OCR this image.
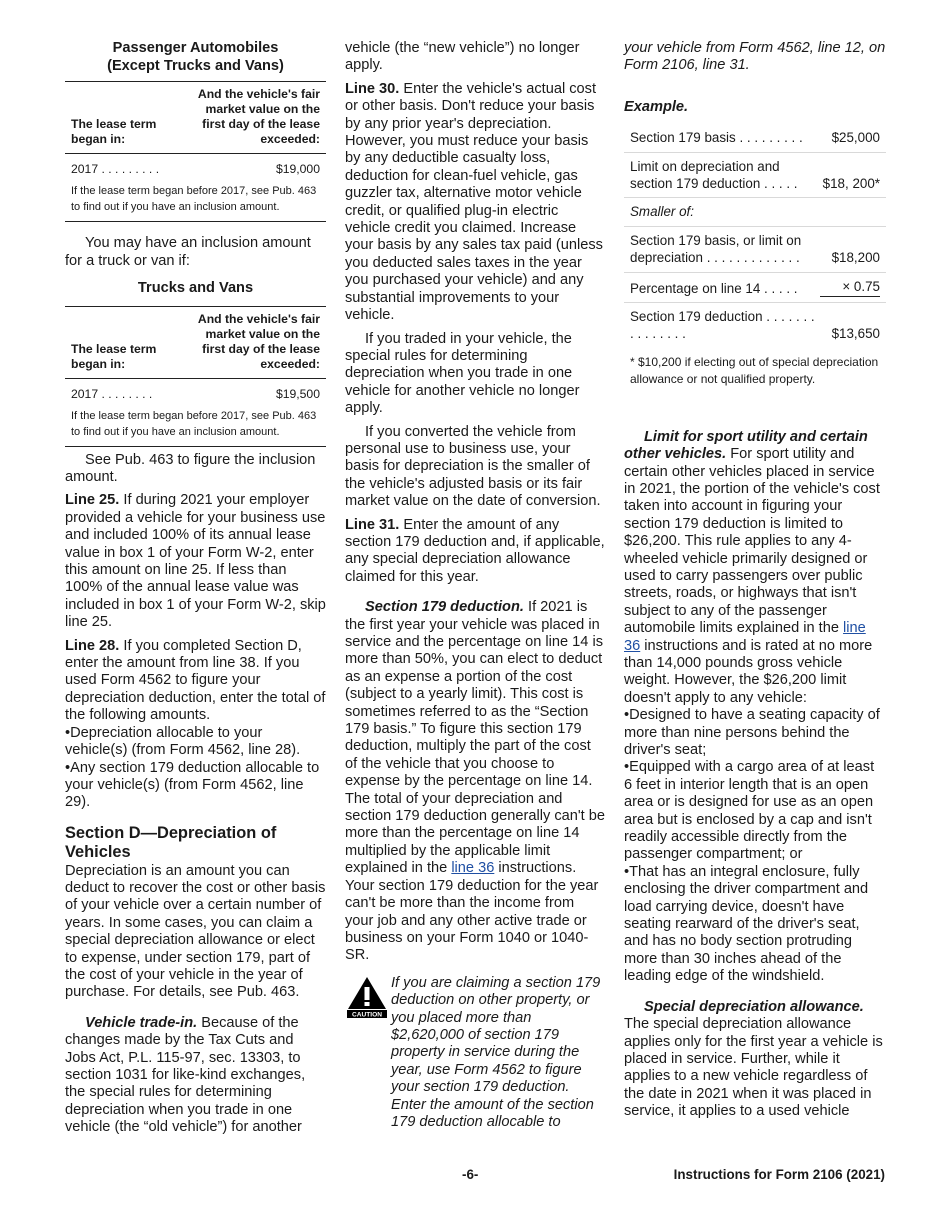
Passenger Automobiles
(Except Trucks and Vans)
The lease term began in:
And the vehicle's fair market value on the first day of the lease exceeded:
2017 . . . . . . . . .	$19,000
If the lease term began before 2017, see Pub. 463 to find out if you have an inclusion amount.

You may have an inclusion amount for a truck or van if:

Trucks and Vans
The lease term began in:
And the vehicle's fair market value on the first day of the lease exceeded:
2017 . . . . . . . .	$19,500
If the lease term began before 2017, see Pub. 463 to find out if you have an inclusion amount.

See Pub. 463 to figure the inclusion amount.

Line 25. If during 2021 your employer provided a vehicle for your business use and included 100% of its annual lease value in box 1 of your Form W-2, enter this amount on line 25. If less than 100% of the annual lease value was included in box 1 of your Form W-2, skip line 25.

Line 28. If you completed Section D, enter the amount from line 38. If you used Form 4562 to figure your depreciation deduction, enter the total of the following amounts.

•Depreciation allocable to your vehicle(s) (from Form 4562, line 28).

•Any section 179 deduction allocable to your vehicle(s) (from Form 4562, line 29).

Section D—Depreciation of Vehicles

Depreciation is an amount you can deduct to recover the cost or other basis of your vehicle over a certain number of years. In some cases, you can claim a special depreciation allowance or elect to expense, under section 179, part of the cost of your vehicle in the year of purchase. For details, see Pub. 463.

Vehicle trade-in. Because of the changes made by the Tax Cuts and Jobs Act, P.L. 115-97, sec. 13303, to section 1031 for like-kind exchanges, the special rules for determining depreciation when you trade in one vehicle (the “old vehicle”) for another

vehicle (the “new vehicle”) no longer apply.

Line 30. Enter the vehicle's actual cost or other basis. Don't reduce your basis by any prior year's depreciation. However, you must reduce your basis by any deductible casualty loss, deduction for clean-fuel vehicle, gas guzzler tax, alternative motor vehicle credit, or qualified plug-in electric vehicle credit you claimed. Increase your basis by any sales tax paid (unless you deducted sales taxes in the year you purchased your vehicle) and any substantial improvements to your vehicle.

If you traded in your vehicle, the special rules for determining depreciation when you trade in one vehicle for another vehicle no longer apply.

If you converted the vehicle from personal use to business use, your basis for depreciation is the smaller of the vehicle's adjusted basis or its fair market value on the date of conversion.

Line 31. Enter the amount of any section 179 deduction and, if applicable, any special depreciation allowance claimed for this year.

Section 179 deduction. If 2021 is the first year your vehicle was placed in service and the percentage on line 14 is more than 50%, you can elect to deduct as an expense a portion of the cost (subject to a yearly limit). This cost is sometimes referred to as the “Section 179 basis.” To figure this section 179 deduction, multiply the part of the cost of the vehicle that you choose to expense by the percentage on line 14. The total of your depreciation and section 179 deduction generally can't be more than the percentage on line 14 multiplied by the applicable limit explained in the line 36 instructions. Your section 179 deduction for the year can't be more than the income from your job and any other active trade or business on your Form 1040 or 1040-SR.

CAUTION
If you are claiming a section 179 deduction on other property, or you placed more than $2,620,000 of section 179 property in service during the year, use Form 4562 to figure your section 179 deduction. Enter the amount of the section 179 deduction allocable to

your vehicle from Form 4562, line 12, on Form 2106, line 31.

Example.

Section 179 basis . . . . . . . . .	$25,000
Limit on depreciation and section 179 deduction . . . . .	$18, 200*
Smaller of:
Section 179 basis, or limit on depreciation . . . . . . . . . . . . .	$18,200
Percentage on line 14 . . . . .	× 0.75
Section 179 deduction . . . . . . . . . . . . . . .	$13,650
* $10,200 if electing out of special depreciation allowance or not qualified property.

Limit for sport utility and certain other vehicles. For sport utility and certain other vehicles placed in service in 2021, the portion of the vehicle's cost taken into account in figuring your section 179 deduction is limited to $26,200. This rule applies to any 4-wheeled vehicle primarily designed or used to carry passengers over public streets, roads, or highways that isn't subject to any of the passenger automobile limits explained in the line 36 instructions and is rated at no more than 14,000 pounds gross vehicle weight. However, the $26,200 limit doesn't apply to any vehicle:

•Designed to have a seating capacity of more than nine persons behind the driver's seat;

•Equipped with a cargo area of at least 6 feet in interior length that is an open area or is designed for use as an open area but is enclosed by a cap and isn't readily accessible directly from the passenger compartment; or

•That has an integral enclosure, fully enclosing the driver compartment and load carrying device, doesn't have seating rearward of the driver's seat, and has no body section protruding more than 30 inches ahead of the leading edge of the windshield.

Special depreciation allowance. The special depreciation allowance applies only for the first year a vehicle is placed in service. Further, while it applies to a new vehicle regardless of the date in 2021 when it was placed in service, it applies to a used vehicle

-6-	Instructions for Form 2106 (2021)
